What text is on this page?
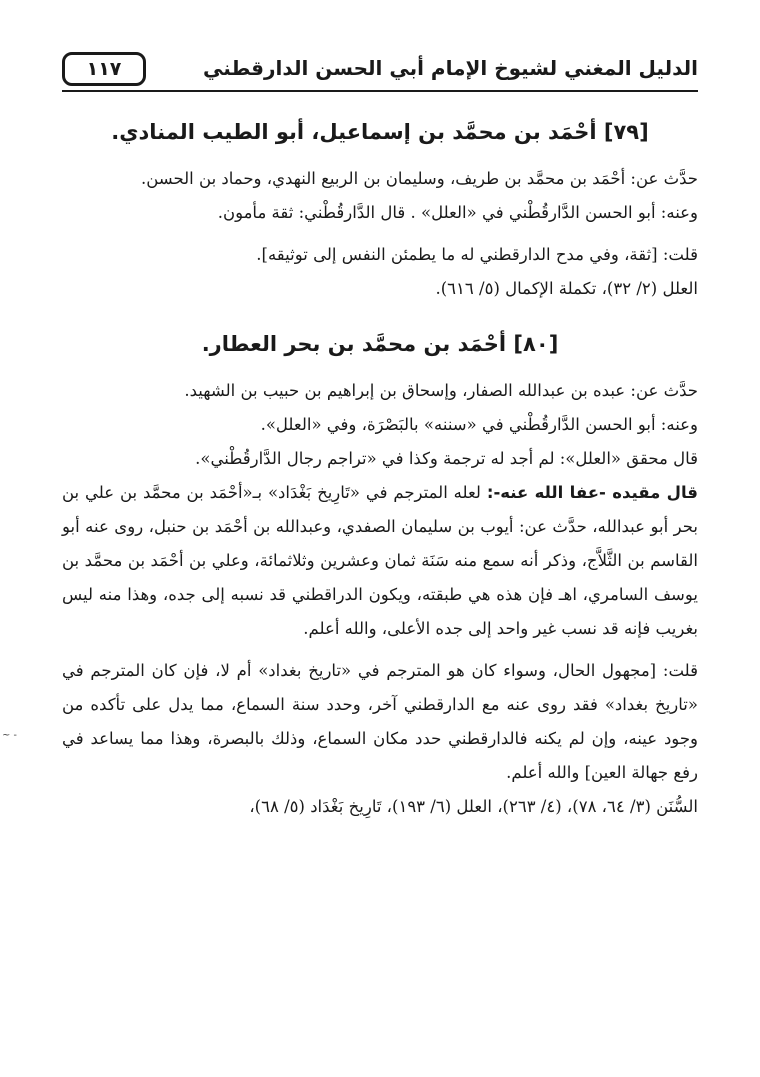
الدليل المغني لشيوخ الإمام أبي الحسن الدارقطني
١١٧
[٧٩] أحْمَد بن محمَّد بن إسماعيل، أبو الطيب المنادي.

حدَّث عن: أحْمَد بن محمَّد بن طريف، وسليمان بن الربيع النهدي، وحماد بن الحسن.

وعنه: أبو الحسن الدَّارقُطْني في «العلل» . قال الدَّارقُطْني: ثقة مأمون.

قلت: [ثقة، وفي مدح الدارقطني له ما يطمئن النفس إلى توثيقه].

العلل (٢/ ٣٢)، تكملة الإكمال (٥/ ٦١٦).

[٨٠] أحْمَد بن محمَّد بن بحر العطار.

حدَّث عن: عبده بن عبدالله الصفار، وإسحاق بن إبراهيم بن حبيب بن الشهيد.

وعنه: أبو الحسن الدَّارقُطْني في «سننه» بالبَصْرَة، وفي «العلل».

قال محقق «العلل»: لم أجد له ترجمة وكذا في «تراجم رجال الدَّارقُطْني».

قال مقيده -عفا الله عنه-: لعله المترجم في «تَارِيخ بَغْدَاد» بـ«أحْمَد بن محمَّد بن علي بن بحر أبو عبدالله، حدَّث عن: أيوب بن سليمان الصفدي، وعبدالله بن أحْمَد بن حنبل، روى عنه أبو القاسم بن الثَّلاَّج، وذكر أنه سمع منه سَنَة ثمان وعشرين وثلاثمائة، وعلي بن أحْمَد بن محمَّد بن يوسف السامري، اهـ فإن هذه هي طبقته، ويكون الدراقطني قد نسبه إلى جده، وهذا منه ليس بغريب فإنه قد نسب غير واحد إلى جده الأعلى، والله أعلم.

قلت: [مجهول الحال، وسواء كان هو المترجم في «تاريخ بغداد» أم لا، فإن كان المترجم في «تاريخ بغداد» فقد روى عنه مع الدارقطني آخر، وحدد سنة السماع، مما يدل على تأكده من وجود عينه، وإن لم يكنه فالدارقطني حدد مكان السماع، وذلك بالبصرة، وهذا مما يساعد في رفع جهالة العين] والله أعلم.

السُّنَن (٣/ ٦٤، ٧٨)، (٤/ ٢٦٣)، العلل (٦/ ١٩٣)، تَارِيخ بَغْدَاد (٥/ ٦٨)،

~ -
